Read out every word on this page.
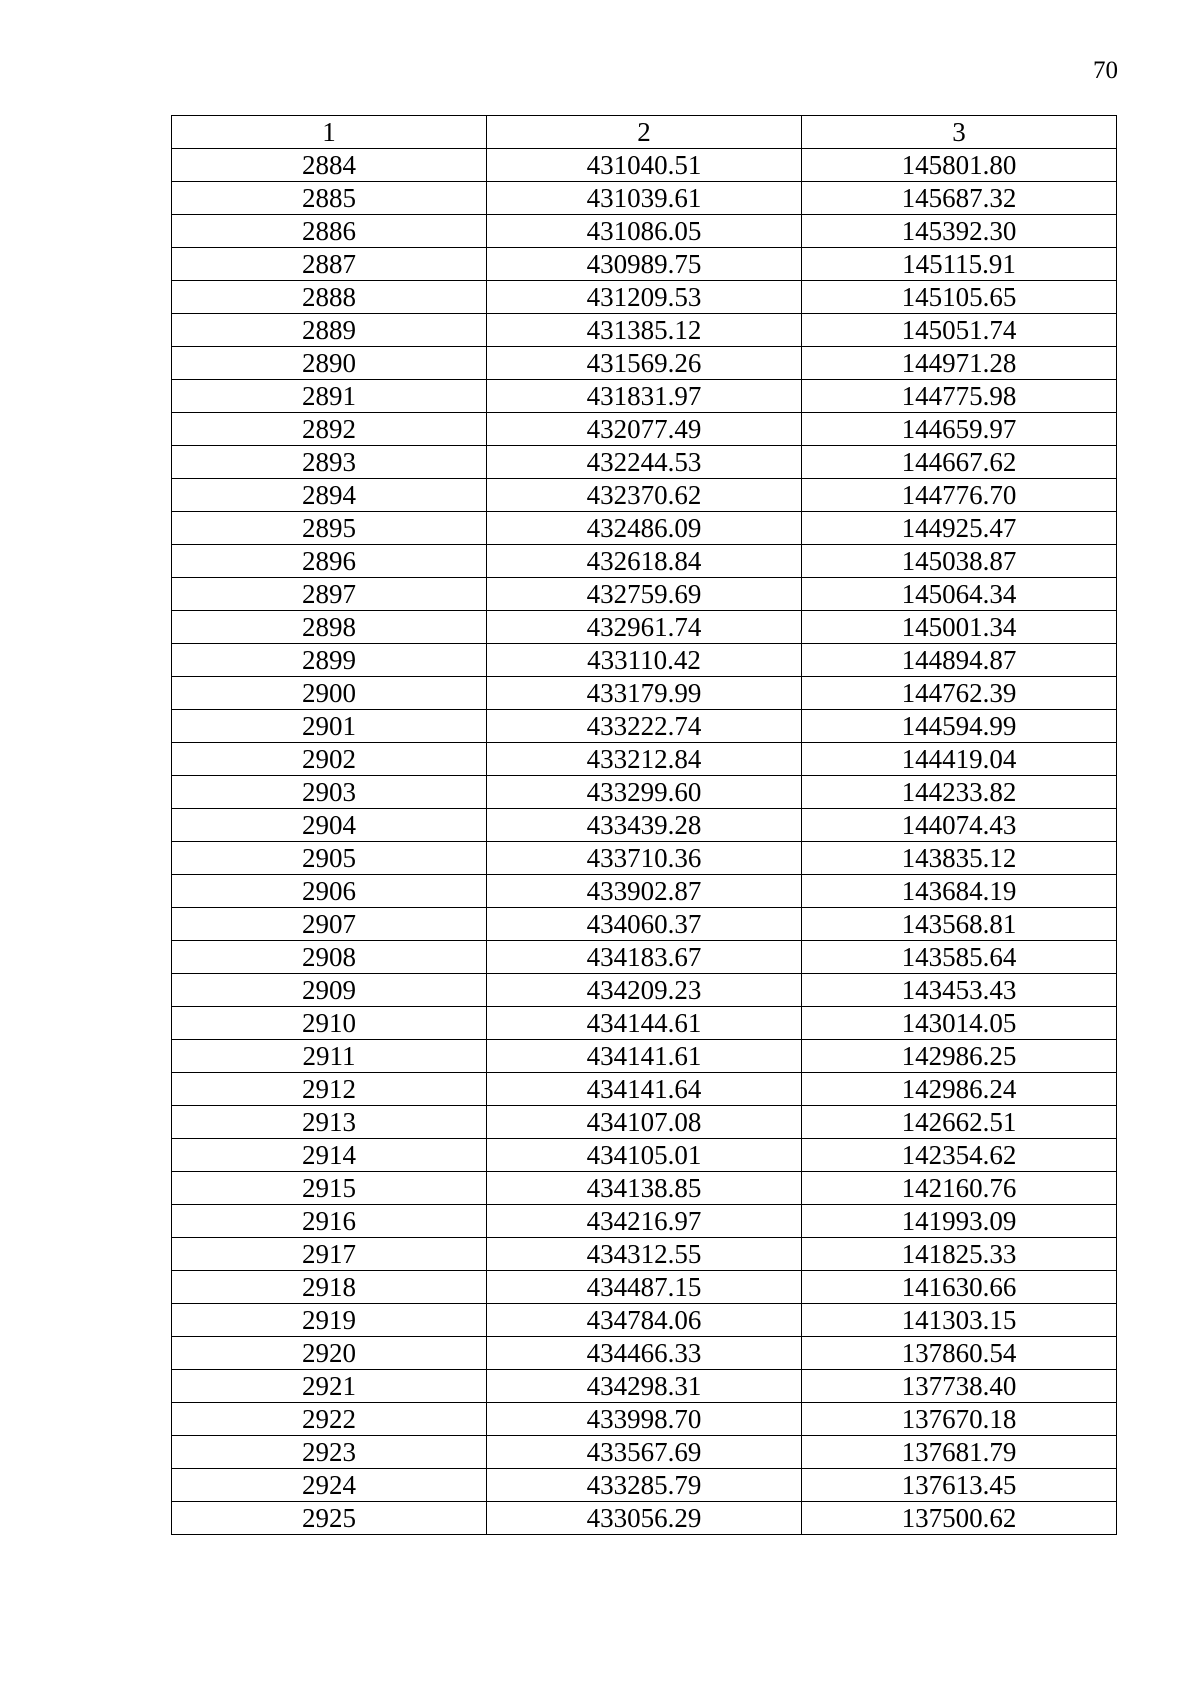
70
1	2	3
2884	431040.51	145801.80
2885	431039.61	145687.32
2886	431086.05	145392.30
2887	430989.75	145115.91
2888	431209.53	145105.65
2889	431385.12	145051.74
2890	431569.26	144971.28
2891	431831.97	144775.98
2892	432077.49	144659.97
2893	432244.53	144667.62
2894	432370.62	144776.70
2895	432486.09	144925.47
2896	432618.84	145038.87
2897	432759.69	145064.34
2898	432961.74	145001.34
2899	433110.42	144894.87
2900	433179.99	144762.39
2901	433222.74	144594.99
2902	433212.84	144419.04
2903	433299.60	144233.82
2904	433439.28	144074.43
2905	433710.36	143835.12
2906	433902.87	143684.19
2907	434060.37	143568.81
2908	434183.67	143585.64
2909	434209.23	143453.43
2910	434144.61	143014.05
2911	434141.61	142986.25
2912	434141.64	142986.24
2913	434107.08	142662.51
2914	434105.01	142354.62
2915	434138.85	142160.76
2916	434216.97	141993.09
2917	434312.55	141825.33
2918	434487.15	141630.66
2919	434784.06	141303.15
2920	434466.33	137860.54
2921	434298.31	137738.40
2922	433998.70	137670.18
2923	433567.69	137681.79
2924	433285.79	137613.45
2925	433056.29	137500.62
